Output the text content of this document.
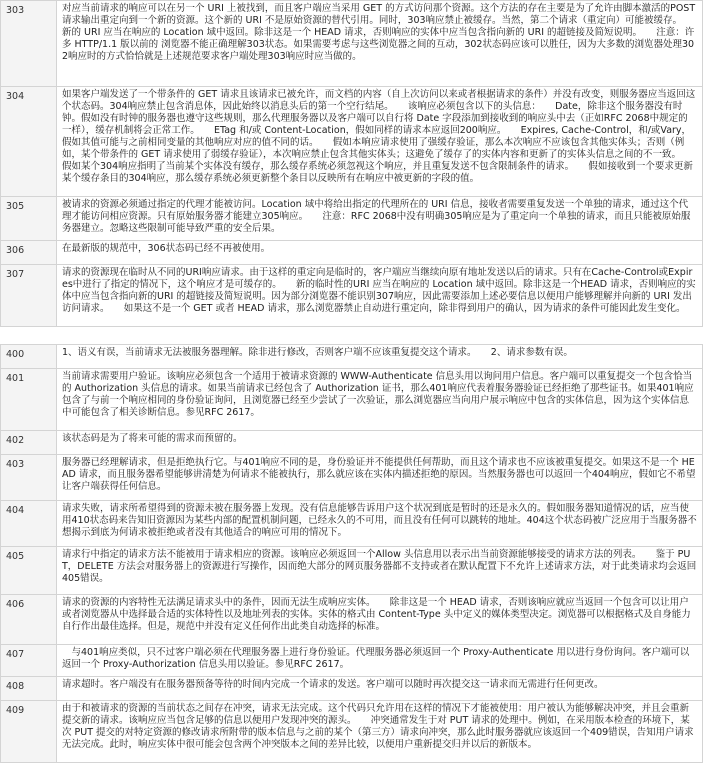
303	对应当前请求的响应可以在另一个 URI 上被找到，而且客户端应当采用 GET 的方式访问那个资源。这个方法的存在主要是为了允许由脚本激活的POST请求输出重定向到一个新的资源。这个新的 URI 不是原始资源的替代引用。同时，303响应禁止被缓存。当然，第二个请求（重定向）可能被缓存。　　新的 URI 应当在响应的 Location 域中返回。除非这是一个 HEAD 请求，否则响应的实体中应当包含指向新的 URI 的超链接及简短说明。　　注意：许多 HTTP/1.1 版以前的 浏览器不能正确理解303状态。如果需要考虑与这些浏览器之间的互动，302状态码应该可以胜任，因为大多数的浏览器处理302响应时的方式恰恰就是上述规范要求客户端处理303响应时应当做的。
304	如果客户端发送了一个带条件的 GET 请求且该请求已被允许，而文档的内容（自上次访问以来或者根据请求的条件）并没有改变，则服务器应当返回这个状态码。304响应禁止包含消息体，因此始终以消息头后的第一个空行结尾。　　该响应必须包含以下的头信息：　　Date，除非这个服务器没有时钟。假如没有时钟的服务器也遵守这些规则，那么代理服务器以及客户端可以自行将 Date 字段添加到接收到的响应头中去（正如RFC 2068中规定的一样），缓存机制将会正常工作。　　ETag 和/或 Content-Location，假如同样的请求本应返回200响应。　　Expires, Cache-Control，和/或Vary，假如其值可能与之前相同变量的其他响应对应的值不同的话。　　假如本响应请求使用了强缓存验证，那么本次响应不应该包含其他实体头；否则（例如，某个带条件的 GET 请求使用了弱缓存验证），本次响应禁止包含其他实体头；这避免了缓存了的实体内容和更新了的实体头信息之间的不一致。　　假如某个304响应指明了当前某个实体没有缓存，那么缓存系统必须忽视这个响应，并且重复发送不包含限制条件的请求。　　假如接收到一个要求更新某个缓存条目的304响应，那么缓存系统必须更新整个条目以反映所有在响应中被更新的字段的值。
305	被请求的资源必须通过指定的代理才能被访问。Location 域中将给出指定的代理所在的 URI 信息，接收者需要重复发送一个单独的请求，通过这个代理才能访问相应资源。只有原始服务器才能建立305响应。　　注意：RFC 2068中没有明确305响应是为了重定向一个单独的请求，而且只能被原始服务器建立。忽略这些限制可能导致严重的安全后果。
306	在最新版的规范中，306状态码已经不再被使用。
307	请求的资源现在临时从不同的URI响应请求。由于这样的重定向是临时的，客户端应当继续向原有地址发送以后的请求。只有在Cache-Control或Expires中进行了指定的情况下，这个响应才是可缓存的。　　新的临时性的URI 应当在响应的 Location 域中返回。除非这是一个HEAD 请求，否则响应的实体中应当包含指向新的URI 的超链接及简短说明。因为部分浏览器不能识别307响应，因此需要添加上述必要信息以便用户能够理解并向新的 URI 发出访问请求。　　如果这不是一个 GET 或者 HEAD 请求，那么浏览器禁止自动进行重定向，除非得到用户的确认，因为请求的条件可能因此发生变化。
400	1、语义有误，当前请求无法被服务器理解。除非进行修改，否则客户端不应该重复提交这个请求。　　2、请求参数有误。
401	当前请求需要用户验证。该响应必须包含一个适用于被请求资源的 WWW-Authenticate 信息头用以询问用户信息。客户端可以重复提交一个包含恰当的 Authorization 头信息的请求。如果当前请求已经包含了 Authorization 证书，那么401响应代表着服务器验证已经拒绝了那些证书。如果401响应包含了与前一个响应相同的身份验证询问，且浏览器已经至少尝试了一次验证，那么浏览器应当向用户展示响应中包含的实体信息，因为这个实体信息中可能包含了相关诊断信息。参见RFC 2617。
402	该状态码是为了将来可能的需求而预留的。
403	服务器已经理解请求，但是拒绝执行它。与401响应不同的是，身份验证并不能提供任何帮助，而且这个请求也不应该被重复提交。如果这不是一个 HEAD 请求，而且服务器希望能够讲清楚为何请求不能被执行，那么就应该在实体内描述拒绝的原因。当然服务器也可以返回一个404响应，假如它不希望让客户端获得任何信息。
404	请求失败，请求所希望得到的资源未被在服务器上发现。没有信息能够告诉用户这个状况到底是暂时的还是永久的。假如服务器知道情况的话，应当使用410状态码来告知旧资源因为某些内部的配置机制问题，已经永久的不可用，而且没有任何可以跳转的地址。404这个状态码被广泛应用于当服务器不想揭示到底为何请求被拒绝或者没有其他适合的响应可用的情况下。
405	请求行中指定的请求方法不能被用于请求相应的资源。该响应必须返回一个Allow 头信息用以表示出当前资源能够接受的请求方法的列表。　　鉴于 PUT，DELETE 方法会对服务器上的资源进行写操作，因而绝大部分的网页服务器都不支持或者在默认配置下不允许上述请求方法，对于此类请求均会返回405错误。
406	请求的资源的内容特性无法满足请求头中的条件，因而无法生成响应实体。　　除非这是一个 HEAD 请求，否则该响应就应当返回一个包含可以让用户或者浏览器从中选择最合适的实体特性以及地址列表的实体。实体的格式由 Content-Type 头中定义的媒体类型决定。浏览器可以根据格式及自身能力自行作出最佳选择。但是，规范中并没有定义任何作出此类自动选择的标准。
407	　与401响应类似，只不过客户端必须在代理服务器上进行身份验证。代理服务器必须返回一个 Proxy-Authenticate 用以进行身份询问。客户端可以返回一个 Proxy-Authorization 信息头用以验证。参见RFC 2617。
408	请求超时。客户端没有在服务器预备等待的时间内完成一个请求的发送。客户端可以随时再次提交这一请求而无需进行任何更改。
409	由于和被请求的资源的当前状态之间存在冲突，请求无法完成。这个代码只允许用在这样的情况下才能被使用：用户被认为能够解决冲突，并且会重新提交新的请求。该响应应当包含足够的信息以便用户发现冲突的源头。　　冲突通常发生于对 PUT 请求的处理中。例如，在采用版本检查的环境下，某次 PUT 提交的对特定资源的修改请求所附带的版本信息与之前的某个（第三方）请求向冲突，那么此时服务器就应该返回一个409错误，告知用户请求无法完成。此时，响应实体中很可能会包含两个冲突版本之间的差异比较，以便用户重新提交归并以后的新版本。
